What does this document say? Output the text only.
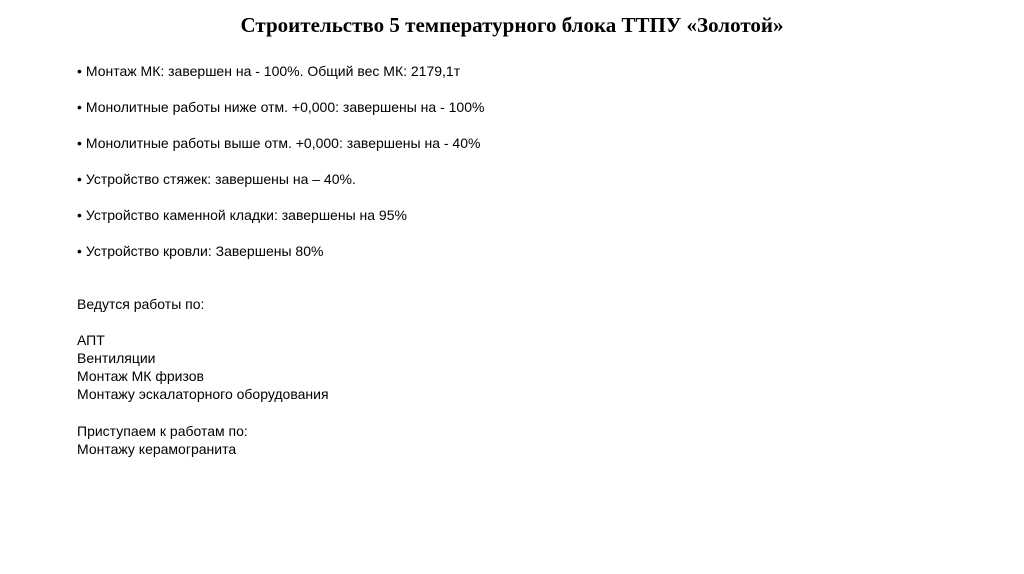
Строительство 5 температурного блока ТТПУ «Золотой»
• Монтаж МК: завершен на - 100%. Общий вес МК: 2179,1т
• Монолитные работы ниже отм. +0,000: завершены на - 100%
• Монолитные работы выше отм. +0,000: завершены на - 40%
• Устройство стяжек: завершены на – 40%.
• Устройство каменной кладки: завершены на 95%
• Устройство кровли: Завершены 80%
Ведутся работы по:
АПТ
Вентиляции
Монтаж МК фризов
Монтажу эскалаторного оборудования
Приступаем к работам по:
Монтажу керамогранита
